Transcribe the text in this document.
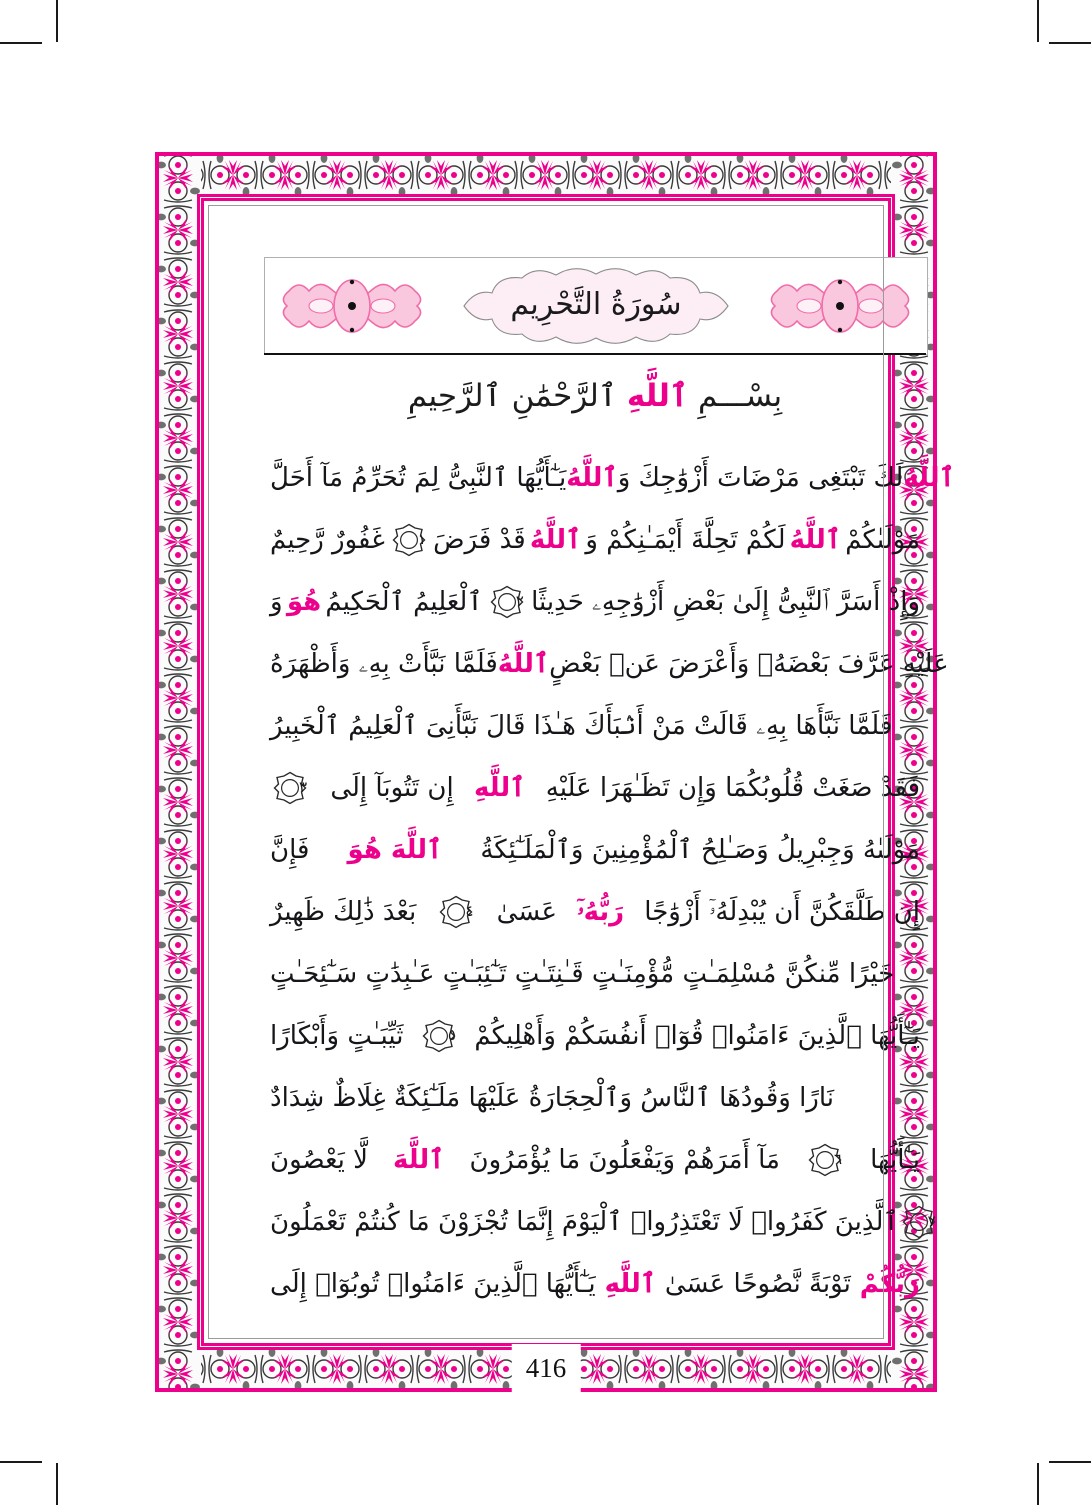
سُورَةُ التَّحْرِيم
بِسْـــمِ ٱللَّهِ ٱلرَّحْمَٰنِ ٱلرَّحِيمِ
يَـٰٓأَيُّهَا ٱلنَّبِىُّ لِمَ تُحَرِّمُ مَآ أَحَلَّ ٱللَّهُ لَكَ تَبْتَغِى مَرْضَاتَ أَزْوَٰجِكَ وَ ٱللَّهُ
غَفُورٌ رَّحِيمٌ	١ قَدْ فَرَضَ ٱللَّهُ لَكُمْ تَحِلَّةَ أَيْمَـٰنِكُمْ وَ ٱللَّهُ مَوْلَىٰكُمْ
وَ هُوَ ٱلْعَلِيمُ ٱلْحَكِيمُ	٢ وَإِذْ أَسَرَّ ٱلنَّبِىُّ إِلَىٰ بَعْضِ أَزْوَٰجِهِۦ حَدِيثًا
فَلَمَّا نَبَّأَتْ بِهِۦ وَأَظْهَرَهُ ٱللَّهُ عَلَيْهِ عَرَّفَ بَعْضَهُۥ وَأَعْرَضَ عَنۢ بَعْضٍ
فَلَمَّا نَبَّأَهَا بِهِۦ قَالَتْ مَنْ أَنۢبَأَكَ هَـٰذَا قَالَ نَبَّأَنِىَ ٱلْعَلِيمُ ٱلْخَبِيرُ
٣ إِن تَتُوبَآ إِلَى ٱللَّهِ فَقَدْ صَغَتْ قُلُوبُكُمَا وَإِن تَظَـٰهَرَا عَلَيْهِ
فَإِنَّ ٱللَّهَ هُوَ مَوْلَىٰهُ وَجِبْرِيلُ وَصَـٰلِحُ ٱلْمُؤْمِنِينَ وَٱلْمَلَـٰٓئِكَةُ
بَعْدَ ذَٰلِكَ ظَهِيرٌ	٤ عَسَىٰ رَبُّهُۥٓ إِن طَلَّقَكُنَّ أَن يُبْدِلَهُۥٓ أَزْوَٰجًا
خَيْرًا مِّنكُنَّ مُسْلِمَـٰتٍ مُّؤْمِنَـٰتٍ قَـٰنِتَـٰتٍ تَـٰٓئِبَـٰتٍ عَـٰبِدَٰتٍ سَـٰٓئِحَـٰتٍ
ثَيِّبَـٰتٍ وَأَبْكَارًا	٥ يَـٰٓأَيُّهَا ٱلَّذِينَ ءَامَنُوا۟ قُوٓا۟ أَنفُسَكُمْ وَأَهْلِيكُمْ
نَارًا وَقُودُهَا ٱلنَّاسُ وَٱلْحِجَارَةُ عَلَيْهَا مَلَـٰٓئِكَةٌ غِلَاظٌ شِدَادٌ
لَّا يَعْصُونَ ٱللَّهَ مَآ أَمَرَهُمْ وَيَفْعَلُونَ مَا يُؤْمَرُونَ	٦ يَـٰٓأَيُّهَا
ٱلَّذِينَ كَفَرُوا۟ لَا تَعْتَذِرُوا۟ ٱلْيَوْمَ إِنَّمَا تُجْزَوْنَ مَا كُنتُمْ تَعْمَلُونَ	٧
يَـٰٓأَيُّهَا ٱلَّذِينَ ءَامَنُوا۟ تُوبُوٓا۟ إِلَى ٱللَّهِ تَوْبَةً نَّصُوحًا عَسَىٰ رَبُّكُمْ
416
